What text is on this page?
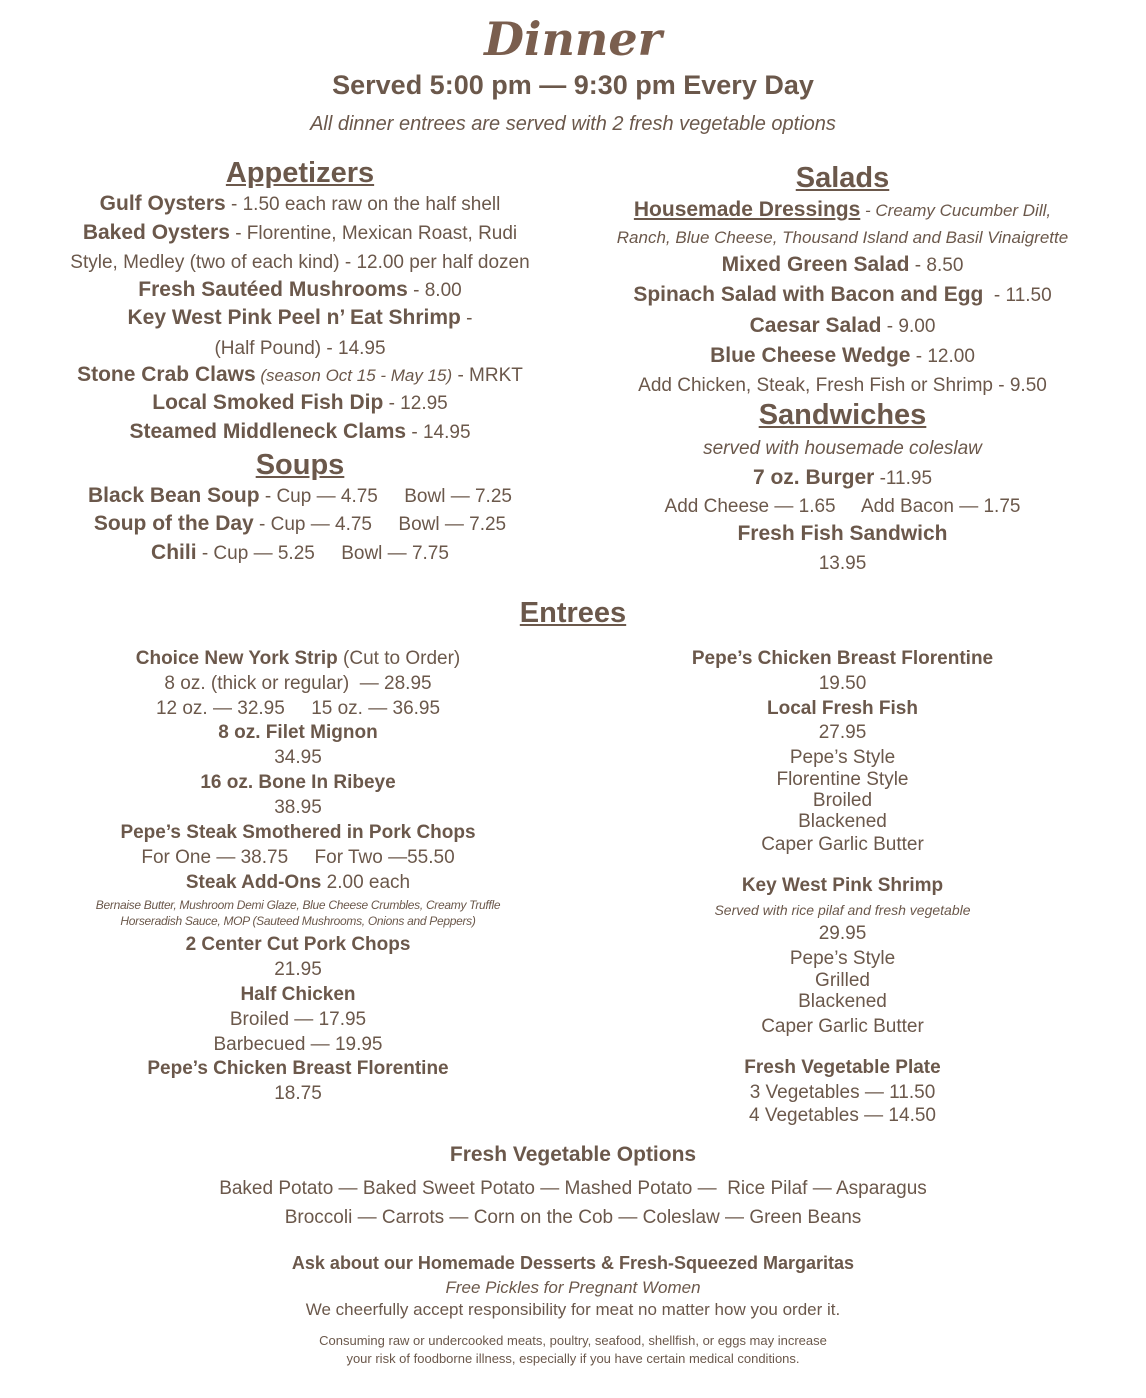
Dinner
Served 5:00 pm — 9:30 pm Every Day
All dinner entrees are served with 2 fresh vegetable options
Appetizers
Gulf Oysters - 1.50 each raw on the half shell
Baked Oysters - Florentine, Mexican Roast, Rudi
Style, Medley (two of each kind) - 12.00 per half dozen
Fresh Sautéed Mushrooms - 8.00
Key West Pink Peel n’ Eat Shrimp -
(Half Pound) - 14.95
Stone Crab Claws (season Oct 15 - May 15) - MRKT
Local Smoked Fish Dip - 12.95
Steamed Middleneck Clams - 14.95
Soups
Black Bean Soup - Cup — 4.75     Bowl — 7.25
Soup of the Day - Cup — 4.75     Bowl — 7.25
Chili - Cup — 5.25     Bowl — 7.75
Salads
Housemade Dressings - Creamy Cucumber Dill,
Ranch, Blue Cheese, Thousand Island and Basil Vinaigrette
Mixed Green Salad - 8.50
Spinach Salad with Bacon and Egg  - 11.50
Caesar Salad - 9.00
Blue Cheese Wedge - 12.00
Add Chicken, Steak, Fresh Fish or Shrimp - 9.50
Sandwiches
served with housemade coleslaw
7 oz. Burger -11.95
Add Cheese — 1.65     Add Bacon — 1.75
Fresh Fish Sandwich
13.95
Entrees
Choice New York Strip (Cut to Order)
8 oz. (thick or regular)  — 28.95
12 oz. — 32.95     15 oz. — 36.95
8 oz. Filet Mignon
34.95
16 oz. Bone In Ribeye
38.95
Pepe’s Steak Smothered in Pork Chops
For One — 38.75     For Two —55.50
Steak Add-Ons 2.00 each
Bernaise Butter, Mushroom Demi Glaze, Blue Cheese Crumbles, Creamy Truffle
Horseradish Sauce, MOP (Sauteed Mushrooms, Onions and Peppers)
2 Center Cut Pork Chops
21.95
Half Chicken
Broiled — 17.95
Barbecued — 19.95
Pepe’s Chicken Breast Florentine
18.75
Pepe’s Chicken Breast Florentine
19.50
Local Fresh Fish
27.95
Pepe’s Style
Florentine Style
Broiled
Blackened
Caper Garlic Butter
Key West Pink Shrimp
Served with rice pilaf and fresh vegetable
29.95
Pepe’s Style
Grilled
Blackened
Caper Garlic Butter
Fresh Vegetable Plate
3 Vegetables — 11.50
4 Vegetables — 14.50
Fresh Vegetable Options
Baked Potato — Baked Sweet Potato — Mashed Potato —  Rice Pilaf — Asparagus
Broccoli — Carrots — Corn on the Cob — Coleslaw — Green Beans
Ask about our Homemade Desserts & Fresh-Squeezed Margaritas
Free Pickles for Pregnant Women
We cheerfully accept responsibility for meat no matter how you order it.
Consuming raw or undercooked meats, poultry, seafood, shellfish, or eggs may increase
your risk of foodborne illness, especially if you have certain medical conditions.
